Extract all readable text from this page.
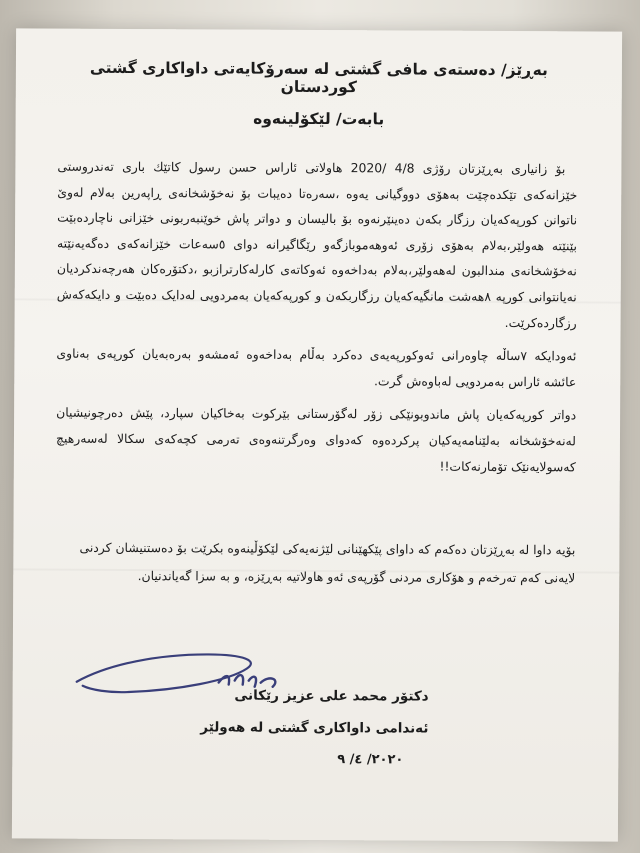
بەڕێز/ دەستەی مافی گشتی لە سەرۆکایەتی داواکاری گشتی کوردستان
بابەت/ لێکۆلینەوە

بۆ زانیاری بەڕێزتان رۆژی 4/8 /2020 هاولاتی ئاراس حسن رسول كاتێك باری تەندروستی خێزانەکەی تێکدەچێت بەهۆی دووگیانی یەوە ،سەرەتا دەیبات بۆ نەخۆشخانەی ڕاپەرین بەلام لەوێ ناتوانن کورپەکەیان رزگار بکەن دەینێرنەوە بۆ بالیسان و دواتر پاش خوێنبەربونی خێزانی ناچاردەبێت بێنێتە هەولێر،بەلام بەهۆی زۆری ئەوهەموبازگەو رێگاگیرانە دوای ٥سەعات خێزانەکەی دەگەیەنێتە نەخۆشخانەی مندالبون لەهەولێر،بەلام بەداخەوە ئەوکاتەی کارلەکارترازبو ،دکتۆرەکان هەرچەندکردیان نەیانتوانی کورپە ٨هەشت مانگیەکەیان رزگاربکەن و کورپەکەیان بەمردویی لەدایک دەبێت و دایکەکەش رزگاردەکرێت.

ئەودایکە ٧ساڵە چاوەرانی ئەوکورپەیەی دەکرد بەڵام بەداخەوە ئەمشەو بەرەبەیان کورپەی بەناوی عائشە ئاراس بەمردویی لەباوەش گرت.

دواتر کورپەکەیان پاش ماندوبونێکی زۆر لەگۆرستانی بێرکوت بەخاکیان سپارد، پێش دەرچونیشیان لەنەخۆشخانە بەلێنامەیەکیان پرکردەوە کەدوای وەرگرتنەوەی تەرمی کچەکەی سکالا لەسەرهیچ کەسولایەنێک تۆمارنەکات!!

بۆیە داوا لە بەڕێزتان دەکەم کە داوای پێکهێنانی لێژنەیەکی لێکۆڵینەوە بکرێت بۆ دەستنیشان کردنی لایەنی کەم تەرخەم و هۆکاری مردنی گۆرپەی ئەو هاولاتیە بەڕێزە، و بە سزا گەیاندنیان.
دکتۆر محمد علی عزیز رێکانی
ئەندامی داواکاری گشتی لە هەولێر
٢٠٢٠/ ٤/ ٩
